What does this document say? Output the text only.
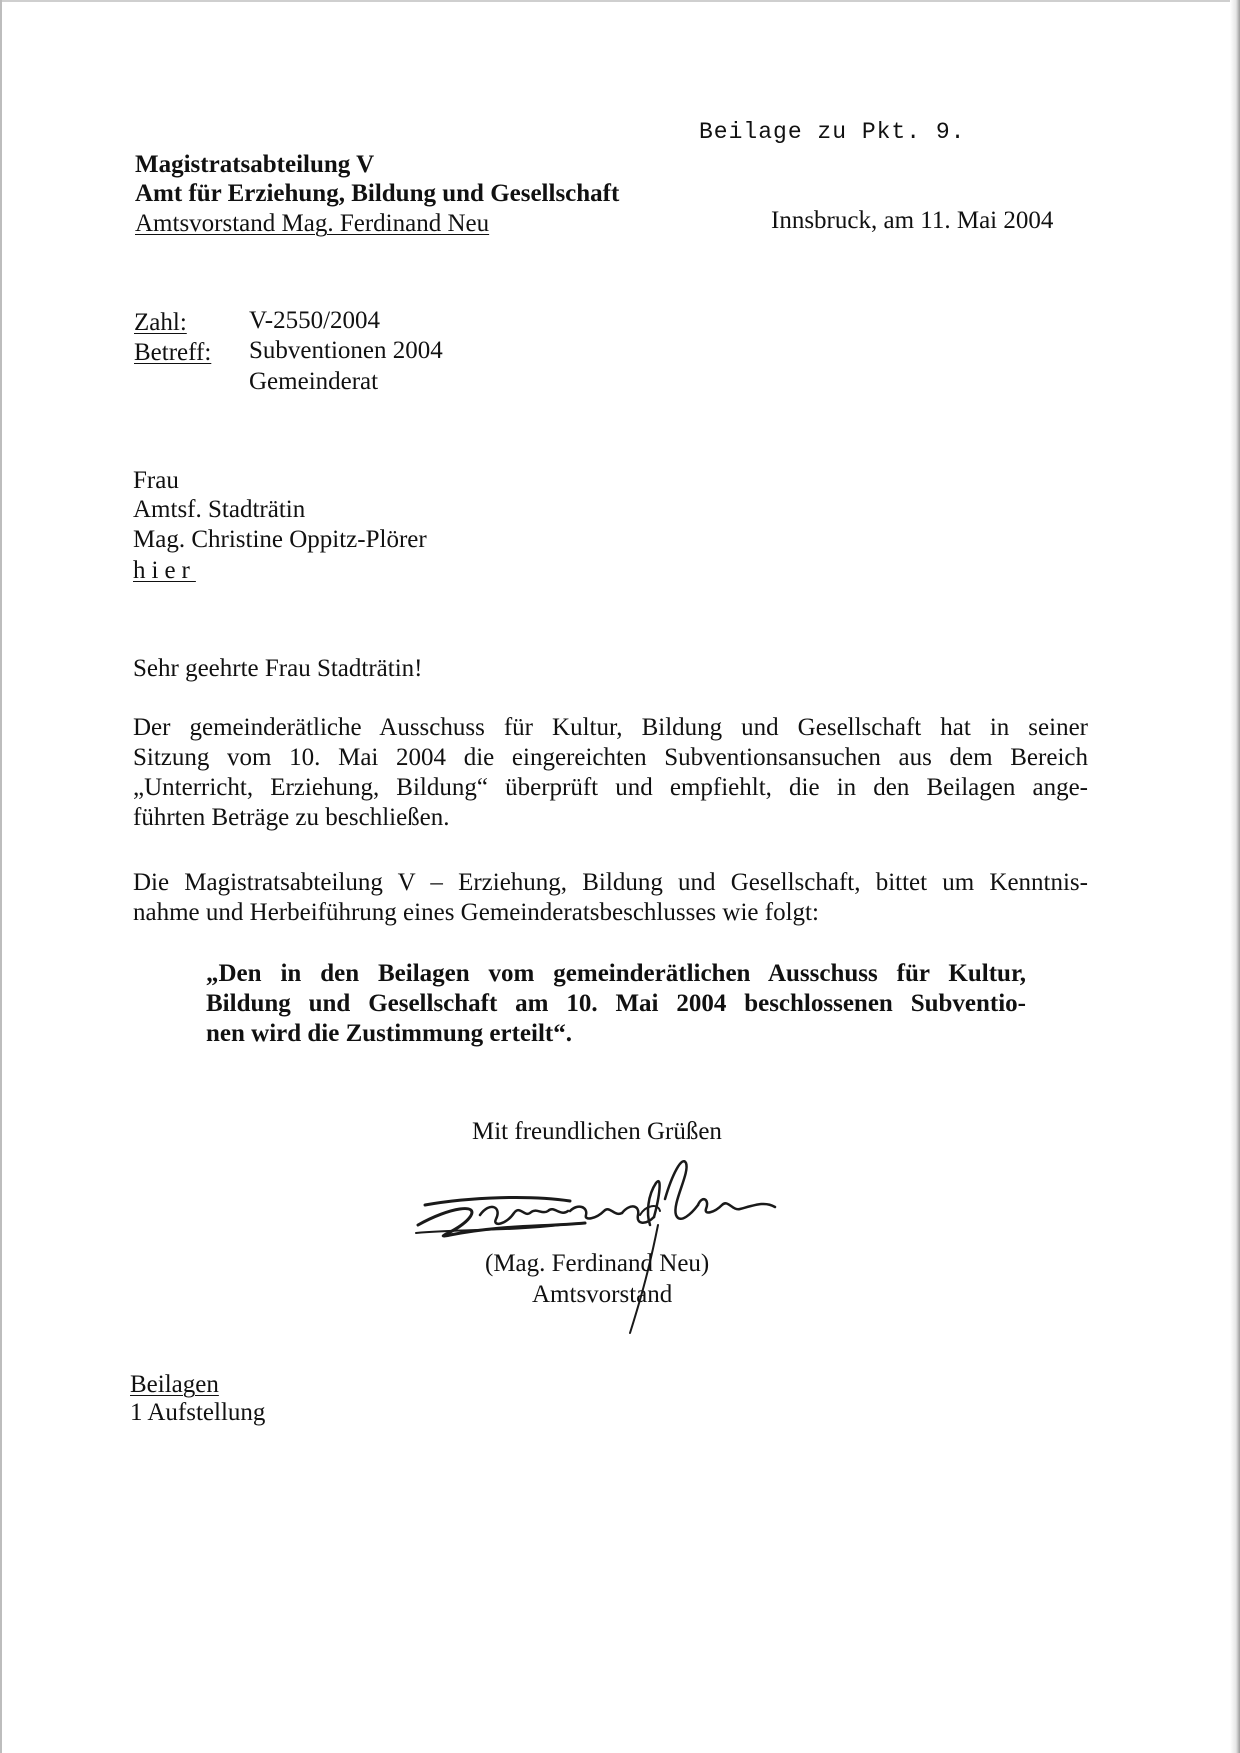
Beilage zu Pkt. 9.
Magistratsabteilung V
Amt für Erziehung, Bildung und Gesellschaft
Amtsvorstand Mag. Ferdinand Neu	Innsbruck, am 11. Mai 2004
Zahl: V-2550/2004
Betreff: Subventionen 2004
Gemeinderat
Frau
Amtsf. Stadträtin
Mag. Christine Oppitz-Plörer
hier
Sehr geehrte Frau Stadträtin!
Der gemeinderätliche Ausschuss für Kultur, Bildung und Gesellschaft hat in seiner
Sitzung vom 10. Mai 2004 die eingereichten Subventionsansuchen aus dem Bereich
„Unterricht, Erziehung, Bildung“ überprüft und empfiehlt, die in den Beilagen ange-
führten Beträge zu beschließen.
Die Magistratsabteilung V – Erziehung, Bildung und Gesellschaft, bittet um Kenntnis-
nahme und Herbeiführung eines Gemeinderatsbeschlusses wie folgt:
„Den in den Beilagen vom gemeinderätlichen Ausschuss für Kultur,
Bildung und Gesellschaft am 10. Mai 2004 beschlossenen Subventio-
nen wird die Zustimmung erteilt“.
Mit freundlichen Grüßen
(Mag. Ferdinand Neu)
Amtsvorstand
Beilagen
1 Aufstellung
